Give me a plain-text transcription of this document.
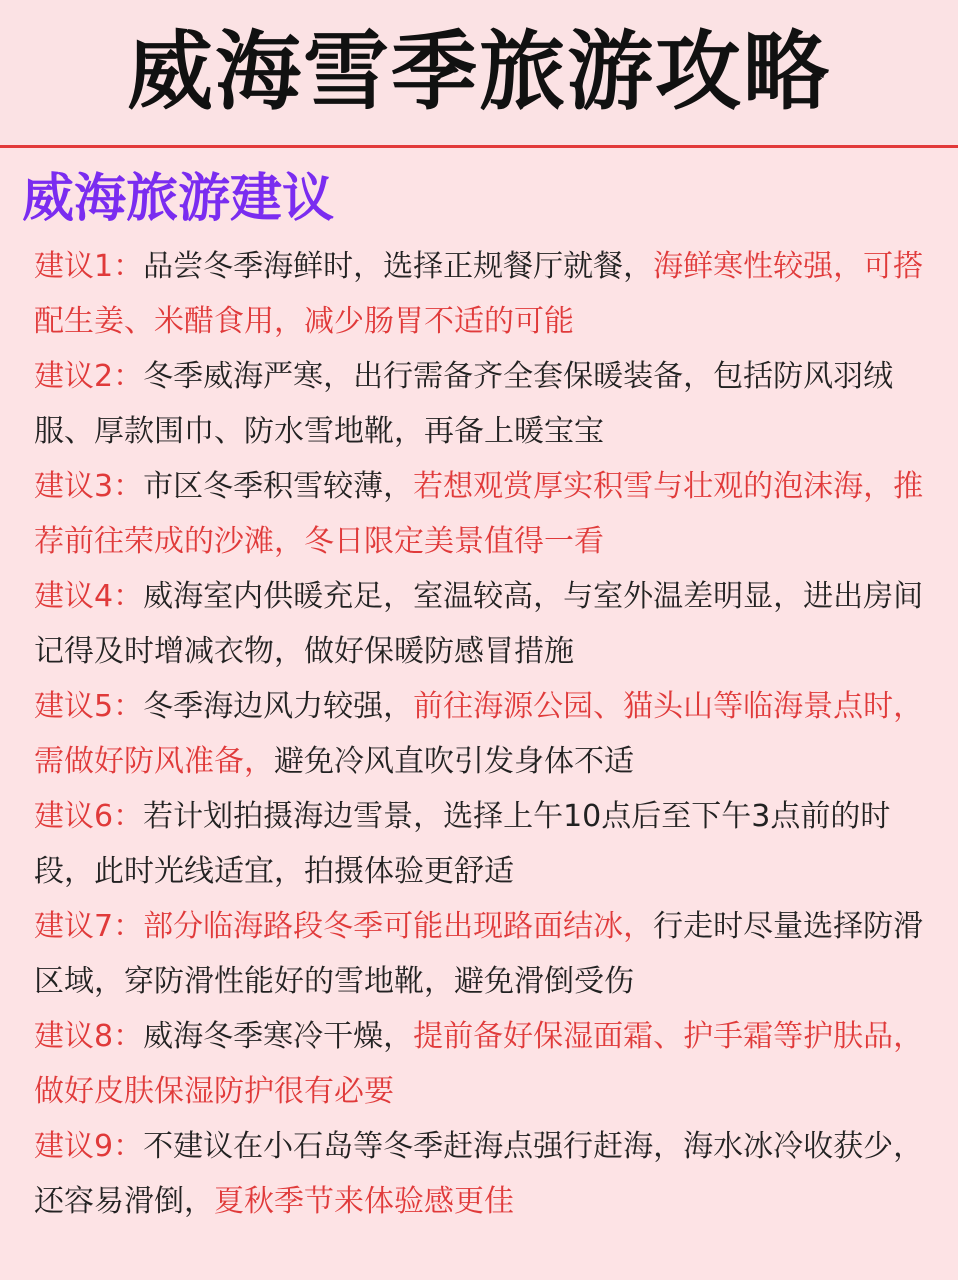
威海雪季旅游攻略
威海旅游建议

建议1：品尝冬季海鲜时，选择正规餐厅就餐，海鲜寒性较强，可搭配生姜、米醋食用，减少肠胃不适的可能

建议2：冬季威海严寒，出行需备齐全套保暖装备，包括防风羽绒服、厚款围巾、防水雪地靴，再备上暖宝宝

建议3：市区冬季积雪较薄，若想观赏厚实积雪与壮观的泡沫海，推荐前往荣成的沙滩，冬日限定美景值得一看

建议4：威海室内供暖充足，室温较高，与室外温差明显，进出房间记得及时增减衣物，做好保暖防感冒措施

建议5：冬季海边风力较强，前往海源公园、猫头山等临海景点时，需做好防风准备，避免冷风直吹引发身体不适

建议6：若计划拍摄海边雪景，选择上午10点后至下午3点前的时段，此时光线适宜，拍摄体验更舒适

建议7：部分临海路段冬季可能出现路面结冰，行走时尽量选择防滑区域，穿防滑性能好的雪地靴，避免滑倒受伤

建议8：威海冬季寒冷干燥，提前备好保湿面霜、护手霜等护肤品，做好皮肤保湿防护很有必要

建议9：不建议在小石岛等冬季赶海点强行赶海，海水冰冷收获少，还容易滑倒，夏秋季节来体验感更佳
